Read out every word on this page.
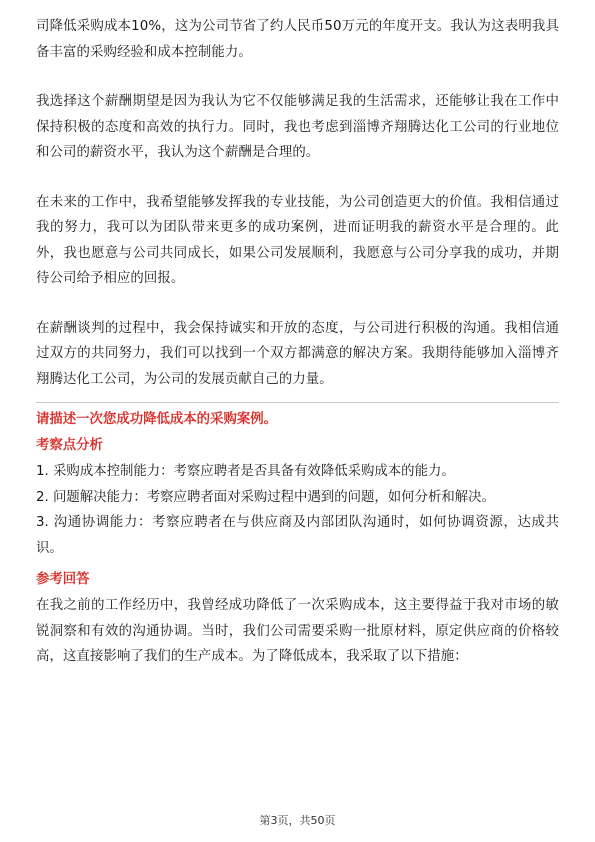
司降低采购成本10%，这为公司节省了约人民币50万元的年度开支。我认为这表明我具备丰富的采购经验和成本控制能力。

我选择这个薪酬期望是因为我认为它不仅能够满足我的生活需求，还能够让我在工作中保持积极的态度和高效的执行力。同时，我也考虑到淄博齐翔腾达化工公司的行业地位和公司的薪资水平，我认为这个薪酬是合理的。

在未来的工作中，我希望能够发挥我的专业技能，为公司创造更大的价值。我相信通过我的努力，我可以为团队带来更多的成功案例，进而证明我的薪资水平是合理的。此外，我也愿意与公司共同成长，如果公司发展顺利，我愿意与公司分享我的成功，并期待公司给予相应的回报。

在薪酬谈判的过程中，我会保持诚实和开放的态度，与公司进行积极的沟通。我相信通过双方的共同努力，我们可以找到一个双方都满意的解决方案。我期待能够加入淄博齐翔腾达化工公司，为公司的发展贡献自己的力量。

请描述一次您成功降低成本的采购案例。

考察点分析

1. 采购成本控制能力：考察应聘者是否具备有效降低采购成本的能力。

2. 问题解决能力：考察应聘者面对采购过程中遇到的问题，如何分析和解决。

3. 沟通协调能力：考察应聘者在与供应商及内部团队沟通时，如何协调资源，达成共识。

参考回答

在我之前的工作经历中，我曾经成功降低了一次采购成本，这主要得益于我对市场的敏锐洞察和有效的沟通协调。当时，我们公司需要采购一批原材料，原定供应商的价格较高，这直接影响了我们的生产成本。为了降低成本，我采取了以下措施：

第3页，共50页
